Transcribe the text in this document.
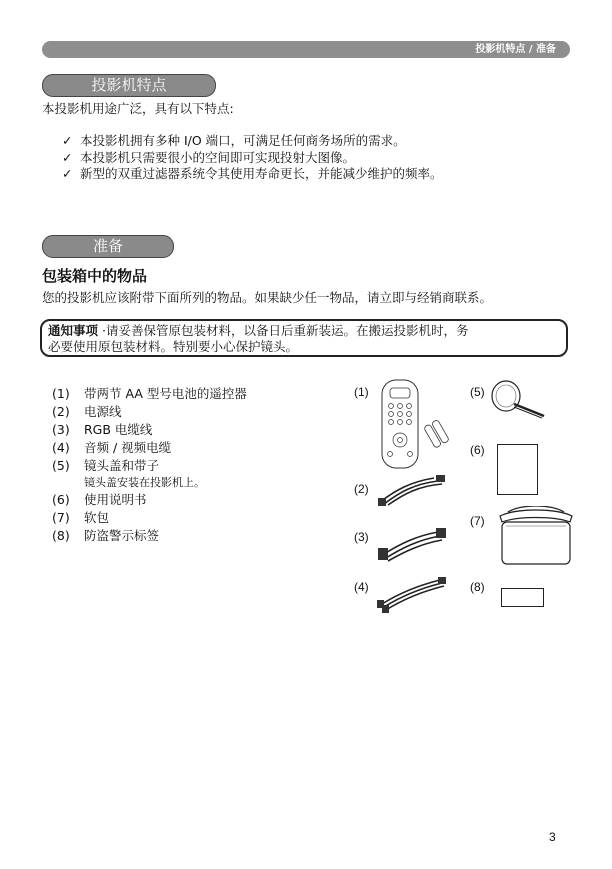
投影机特点 / 准备
投影机特点
本投影机用途广泛，具有以下特点:
✓ 本投影机拥有多种 I/O 端口，可满足任何商务场所的需求。
✓ 本投影机只需要很小的空间即可实现投射大图像。
✓ 新型的双重过滤器系统令其使用寿命更长，并能减少维护的频率。
准备
包装箱中的物品
您的投影机应该附带下面所列的物品。如果缺少任一物品，请立即与经销商联系。
通知事项 ·请妥善保管原包装材料，以备日后重新装运。在搬运投影机时，务
必要使用原包装材料。特别要小心保护镜头。
(1) 带两节 AA 型号电池的遥控器
(2) 电源线
(3) RGB 电缆线
(4) 音频 / 视频电缆
(5) 镜头盖和带子
镜头盖安装在投影机上。
(6) 使用说明书
(7) 软包
(8) 防盗警示标签
(1)
(2)
(3)
(4)
(5)
(6)
(7)
(8)
3
